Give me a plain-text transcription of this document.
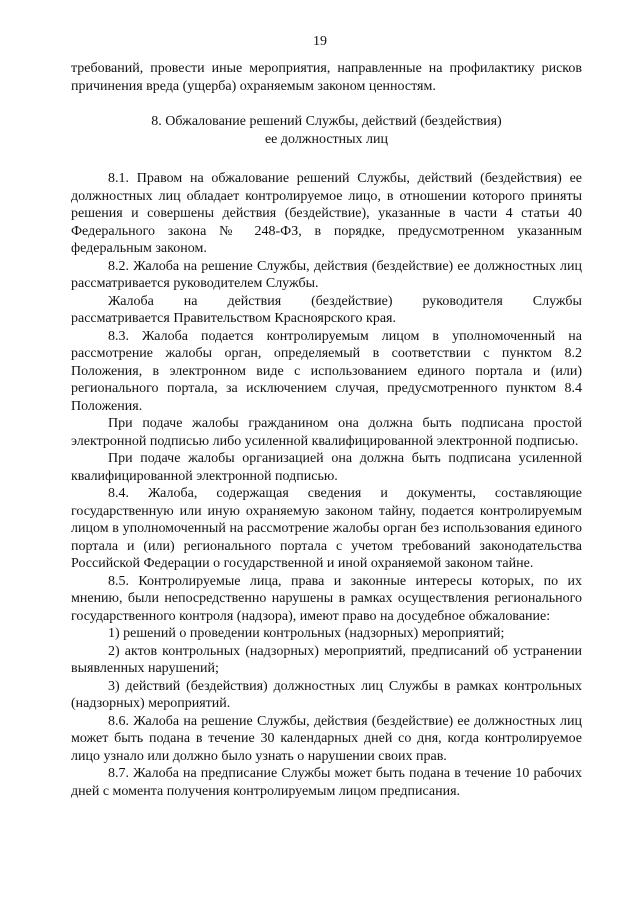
19

требований, провести иные мероприятия, направленные на профилактику рисков причинения вреда (ущерба) охраняемым законом ценностям.

8. Обжалование решений Службы, действий (бездействия)
ее должностных лиц

8.1. Правом на обжалование решений Службы, действий (бездействия) ее должностных лиц обладает контролируемое лицо, в отношении которого приняты решения и совершены действия (бездействие), указанные в части 4 статьи 40 Федерального закона № 248-ФЗ, в порядке, предусмотренном указанным федеральным законом.

8.2. Жалоба на решение Службы, действия (бездействие) ее должностных лиц рассматривается руководителем Службы.

Жалоба на действия (бездействие) руководителя Службы

рассматривается Правительством Красноярского края.

8.3. Жалоба подается контролируемым лицом в уполномоченный на рассмотрение жалобы орган, определяемый в соответствии с пунктом 8.2 Положения, в электронном виде с использованием единого портала и (или) регионального портала, за исключением случая, предусмотренного пунктом 8.4 Положения.

При подаче жалобы гражданином она должна быть подписана простой электронной подписью либо усиленной квалифицированной электронной подписью.

При подаче жалобы организацией она должна быть подписана усиленной квалифицированной электронной подписью.

8.4. Жалоба, содержащая сведения и документы, составляющие государственную или иную охраняемую законом тайну, подается контролируемым лицом в уполномоченный на рассмотрение жалобы орган без использования единого портала и (или) регионального портала с учетом требований законодательства Российской Федерации о государственной и иной охраняемой законом тайне.

8.5. Контролируемые лица, права и законные интересы которых, по их мнению, были непосредственно нарушены в рамках осуществления регионального государственного контроля (надзора), имеют право на досудебное обжалование:

1) решений о проведении контрольных (надзорных) мероприятий;

2) актов контрольных (надзорных) мероприятий, предписаний об устранении выявленных нарушений;

3) действий (бездействия) должностных лиц Службы в рамках контрольных (надзорных) мероприятий.

8.6. Жалоба на решение Службы, действия (бездействие) ее должностных лиц может быть подана в течение 30 календарных дней со дня, когда контролируемое лицо узнало или должно было узнать о нарушении своих прав.

8.7. Жалоба на предписание Службы может быть подана в течение 10 рабочих дней с момента получения контролируемым лицом предписания.
